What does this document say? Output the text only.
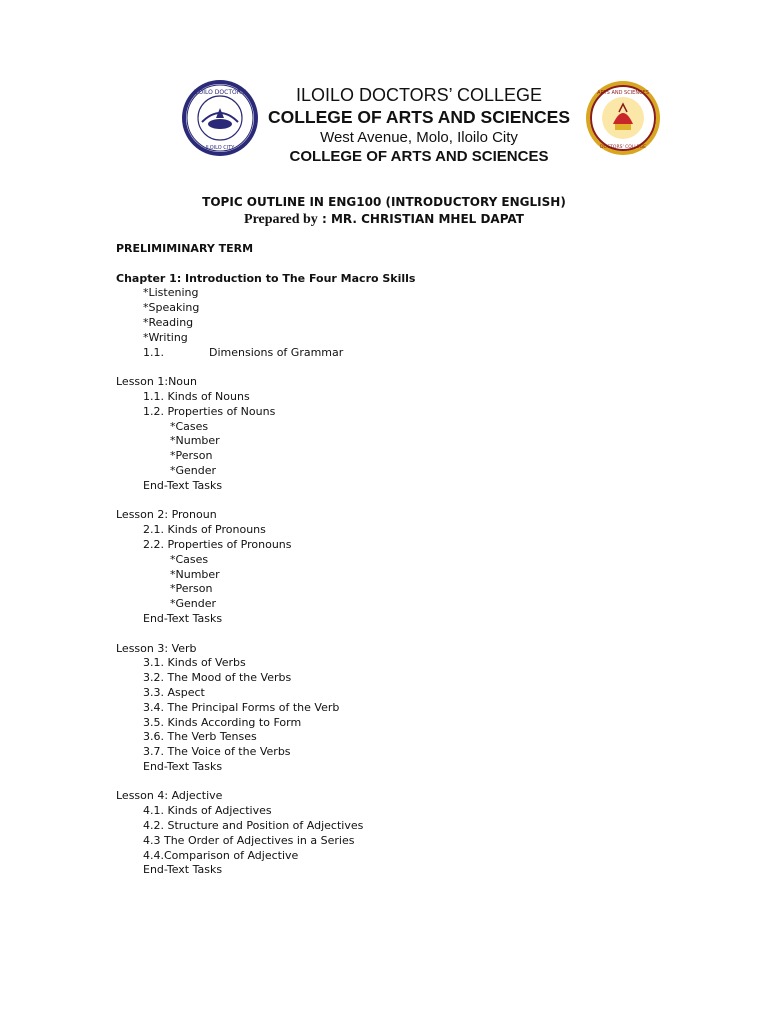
ILOILO DOCTORS'
ILOILO CITY
ARTS AND SCIENCES
DOCTORS' COLLEGE

ILOILO DOCTORS’ COLLEGE

COLLEGE OF ARTS AND SCIENCES

West Avenue, Molo, Iloilo City

COLLEGE OF ARTS AND SCIENCES

TOPIC OUTLINE IN ENG100 (INTRODUCTORY ENGLISH)
Prepared by : MR. CHRISTIAN MHEL DAPAT
PRELIMIMINARY TERM
Chapter 1: Introduction to The Four Macro Skills
*Listening
*Speaking
*Reading
*Writing
1.1.	Dimensions of Grammar
Lesson 1:Noun
1.1. Kinds of Nouns
1.2. Properties of Nouns
*Cases
*Number
*Person
*Gender
End-Text Tasks
Lesson 2: Pronoun
2.1. Kinds of Pronouns
2.2. Properties of Pronouns
*Cases
*Number
*Person
*Gender
End-Text Tasks
Lesson 3: Verb
3.1. Kinds of Verbs
3.2. The Mood of the Verbs
3.3. Aspect
3.4. The Principal Forms of the Verb
3.5. Kinds According to Form
3.6. The Verb Tenses
3.7. The Voice of the Verbs
End-Text Tasks
Lesson 4: Adjective
4.1. Kinds of Adjectives
4.2. Structure and Position of Adjectives
4.3 The Order of Adjectives in a Series
4.4.Comparison of Adjective
End-Text Tasks
